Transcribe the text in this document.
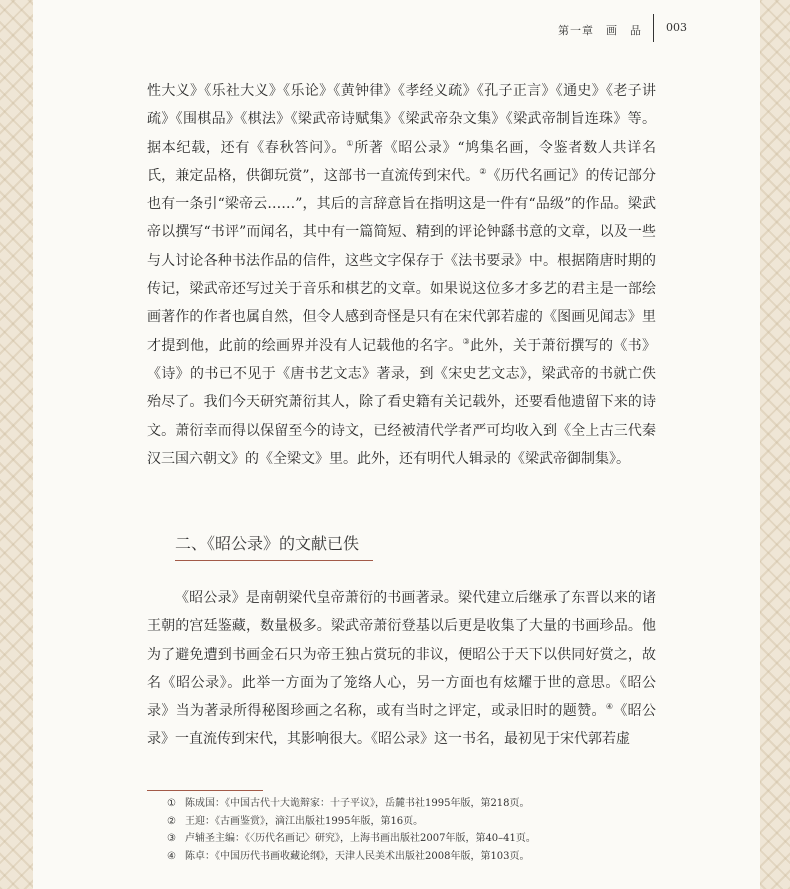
第一章　画　品 003

性大义》《乐社大义》《乐论》《黄钟律》《孝经义疏》《孔子正言》《通史》《老子讲疏》《围棋品》《棋法》《梁武帝诗赋集》《梁武帝杂文集》《梁武帝制旨连珠》等。据本纪载，还有《春秋答问》。①所著《昭公录》“鸠集名画，令鉴者数人共详名氏，兼定品格，供御玩赏”，这部书一直流传到宋代。②《历代名画记》的传记部分也有一条引“梁帝云……”，其后的言辞意旨在指明这是一件有“品级”的作品。梁武帝以撰写“书评”而闻名，其中有一篇简短、精到的评论钟繇书意的文章，以及一些与人讨论各种书法作品的信件，这些文字保存于《法书要录》中。根据隋唐时期的传记，梁武帝还写过关于音乐和棋艺的文章。如果说这位多才多艺的君主是一部绘画著作的作者也属自然，但令人感到奇怪是只有在宋代郭若虚的《图画见闻志》里才提到他，此前的绘画界并没有人记载他的名字。③此外，关于萧衍撰写的《书》《诗》的书已不见于《唐书艺文志》著录，到《宋史艺文志》，梁武帝的书就亡佚殆尽了。我们今天研究萧衍其人，除了看史籍有关记载外，还要看他遗留下来的诗文。萧衍幸而得以保留至今的诗文，已经被清代学者严可均收入到《全上古三代秦汉三国六朝文》的《全梁文》里。此外，还有明代人辑录的《梁武帝御制集》。

二、《昭公录》的文献已佚

《昭公录》是南朝梁代皇帝萧衍的书画著录。梁代建立后继承了东晋以来的诸王朝的宫廷鉴藏，数量极多。梁武帝萧衍登基以后更是收集了大量的书画珍品。他为了避免遭到书画金石只为帝王独占赏玩的非议，便昭公于天下以供同好赏之，故名《昭公录》。此举一方面为了笼络人心，另一方面也有炫耀于世的意思。《昭公录》当为著录所得秘图珍画之名称，或有当时之评定，或录旧时的题赞。④《昭公录》一直流传到宋代，其影响很大。《昭公录》这一书名，最初见于宋代郭若虚

① 陈成国：《中国古代十大诡辩家：十子平议》，岳麓书社1995年版，第218页。
② 王迎：《古画鉴赏》，滴江出版社1995年版，第16页。
③ 卢辅圣主编：《〈历代名画记〉研究》，上海书画出版社2007年版，第40–41页。
④ 陈卓：《中国历代书画收藏论纲》，天津人民美术出版社2008年版，第103页。
